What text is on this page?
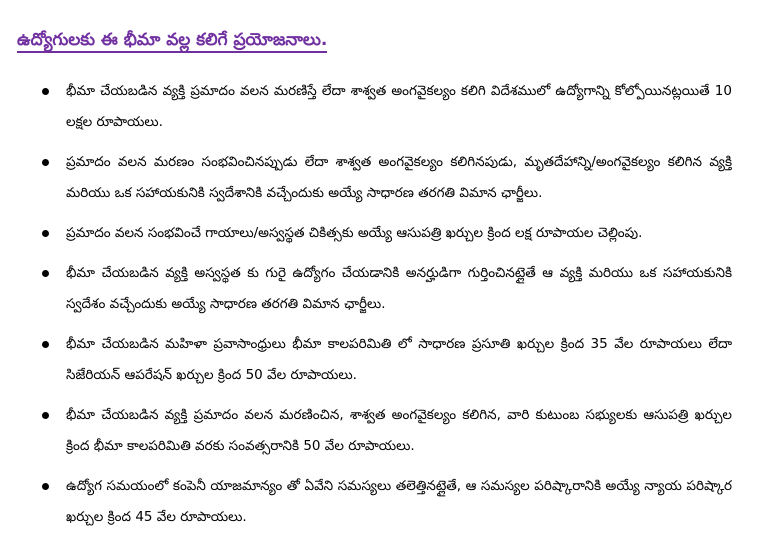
ఉద్యోగులకు ఈ భీమా వల్ల కలిగే ప్రయోజనాలు.
భీమా చేయబడిన వ్యక్తి ప్రమాదం వలన మరణిస్తే లేదా శాశ్వత అంగవైకల్యం కలిగి విదేశములో ఉద్యోగాన్ని కోల్పోయినట్లయితే 10 లక్షల రూపాయలు.
ప్రమాదం వలన మరణం సంభవించినప్పుడు లేదా శాశ్వత అంగవైకల్యం కలిగినపుడు, మృతదేహాన్ని/అంగవైకల్యం కలిగిన వ్యక్తి మరియు ఒక సహాయకునికి స్వదేశానికి వచ్చేందుకు అయ్యే సాధారణ తరగతి విమాన ఛార్జీలు.
ప్రమాదం వలన సంభవించే గాయాలు/అస్వస్థత చికిత్సకు అయ్యే ఆసుపత్రి ఖర్చుల క్రింద లక్ష రూపాయల చెల్లింపు.
భీమా చేయబడిన వ్యక్తి అస్వస్థత కు గురై ఉద్యోగం చేయడానికి అనర్హుడిగా గుర్తించినట్లైతే ఆ వ్యక్తి మరియు ఒక సహాయకునికి స్వదేశం వచ్చేందుకు అయ్యే సాధారణ తరగతి విమాన ఛార్జీలు.
భీమా చేయబడిన మహిళా ప్రవాసాంధ్రులు భీమా కాలపరిమితి లో సాధారణ ప్రసూతి ఖర్చుల క్రింద 35 వేల రూపాయలు లేదా సిజేరియన్ ఆపరేషన్ ఖర్చుల క్రింద 50 వేల రూపాయలు.
భీమా చేయబడిన వ్యక్తి ప్రమాదం వలన మరణించిన, శాశ్వత అంగవైకల్యం కలిగిన, వారి కుటుంబ సభ్యులకు ఆసుపత్రి ఖర్చుల క్రింద భీమా కాలపరిమితి వరకు సంవత్సరానికి 50 వేల రూపాయలు.
ఉద్యోగ సమయంలో కంపెనీ యాజమాన్యం తో ఏవేని సమస్యలు తలెత్తినట్లైతే, ఆ సమస్యల పరిష్కారానికి అయ్యే న్యాయ పరిష్కార ఖర్చుల క్రింద 45 వేల రూపాయలు.
